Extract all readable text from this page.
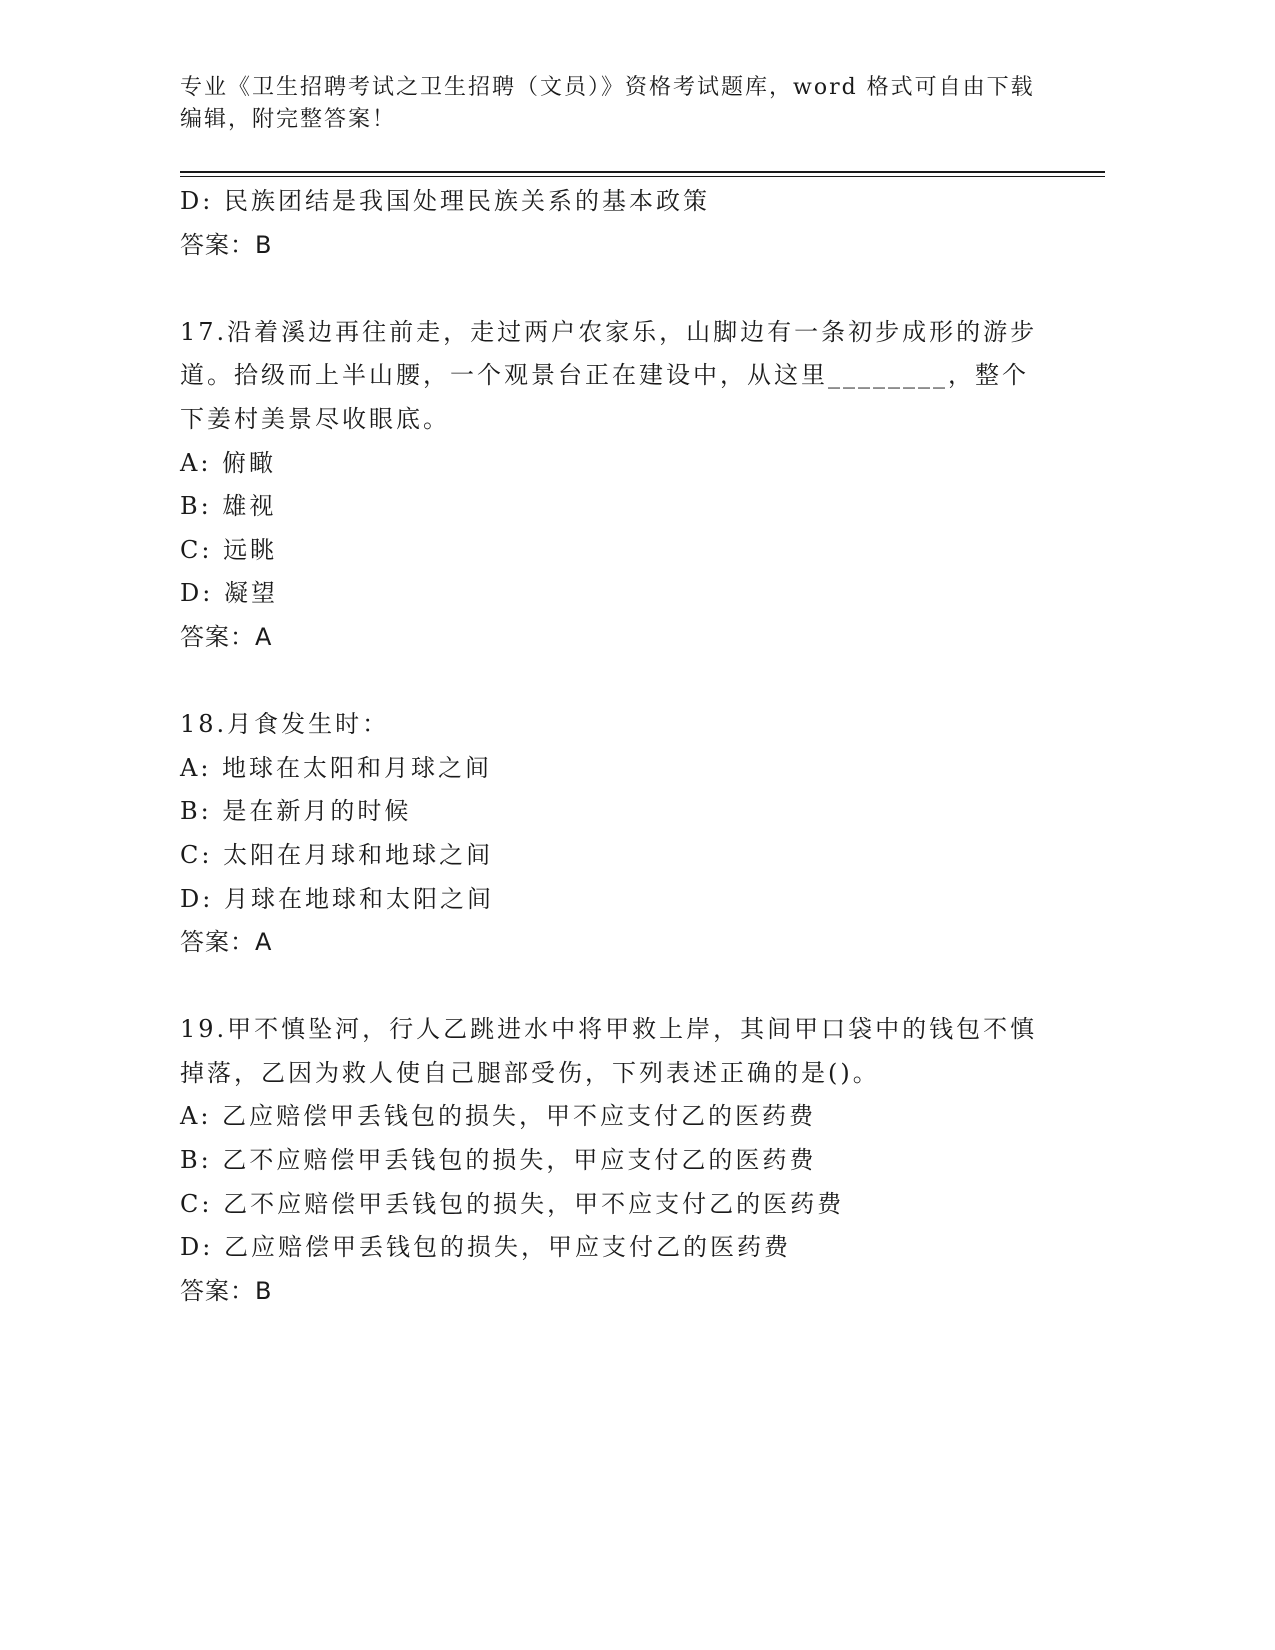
专业《卫生招聘考试之卫生招聘（文员）》资格考试题库，word 格式可自由下载
编辑，附完整答案！
D: 民族团结是我国处理民族关系的基本政策
答案：B
17.沿着溪边再往前走，走过两户农家乐，山脚边有一条初步成形的游步道。拾级而上半山腰，一个观景台正在建设中，从这里________，整个下姜村美景尽收眼底。
A: 俯瞰
B: 雄视
C: 远眺
D: 凝望
答案：A
18.月食发生时：
A: 地球在太阳和月球之间
B: 是在新月的时候
C: 太阳在月球和地球之间
D: 月球在地球和太阳之间
答案：A
19.甲不慎坠河，行人乙跳进水中将甲救上岸，其间甲口袋中的钱包不慎掉落，乙因为救人使自己腿部受伤，下列表述正确的是()。
A: 乙应赔偿甲丢钱包的损失，甲不应支付乙的医药费
B: 乙不应赔偿甲丢钱包的损失，甲应支付乙的医药费
C: 乙不应赔偿甲丢钱包的损失，甲不应支付乙的医药费
D: 乙应赔偿甲丢钱包的损失，甲应支付乙的医药费
答案：B
